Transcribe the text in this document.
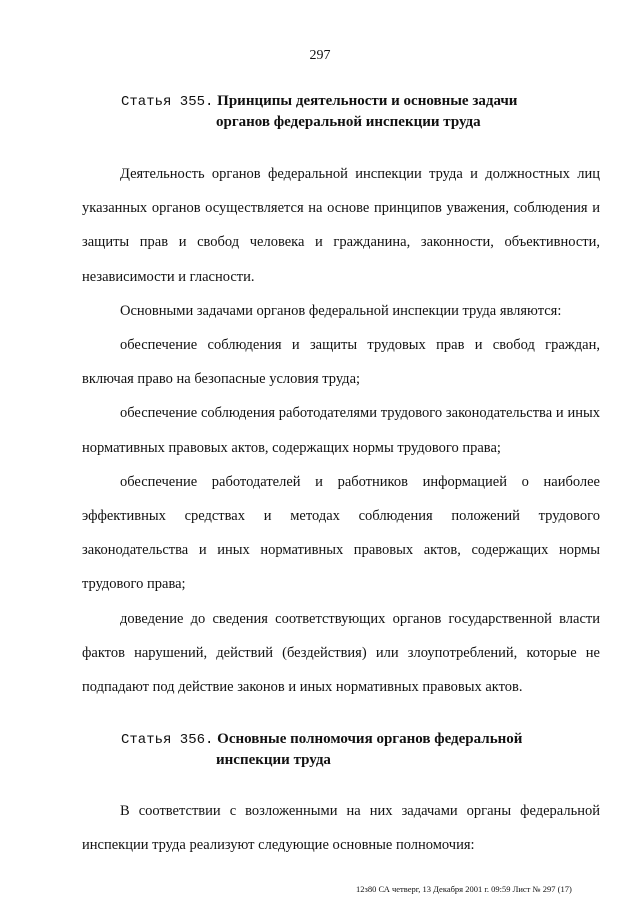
297
Статья 355. Принципы деятельности и основные задачи
органов федеральной инспекции труда

Деятельность органов федеральной инспекции труда и должностных лиц указанных органов осуществляется на основе принципов уважения, соблюдения и защиты прав и свобод человека и гражданина, законности, объективности, независимости и гласности.

Основными задачами органов федеральной инспекции труда являются:

обеспечение соблюдения и защиты трудовых прав и свобод граждан, включая право на безопасные условия труда;

обеспечение соблюдения работодателями трудового законодательства и иных нормативных правовых актов, содержащих нормы трудового права;

обеспечение работодателей и работников информацией о наиболее эффективных средствах и методах соблюдения положений трудового законодательства и иных нормативных правовых актов, содержащих нормы трудового права;

доведение до сведения соответствующих органов государственной власти фактов нарушений, действий (бездействия) или злоупотреблений, которые не подпадают под действие законов и иных нормативных правовых актов.

Статья 356. Основные полномочия органов федеральной
инспекции труда

В соответствии с возложенными на них задачами органы федеральной инспекции труда реализуют следующие основные полномочия:

12з80 СА четверг, 13 Декабря 2001 г. 09:59 Лист № 297 (17)
